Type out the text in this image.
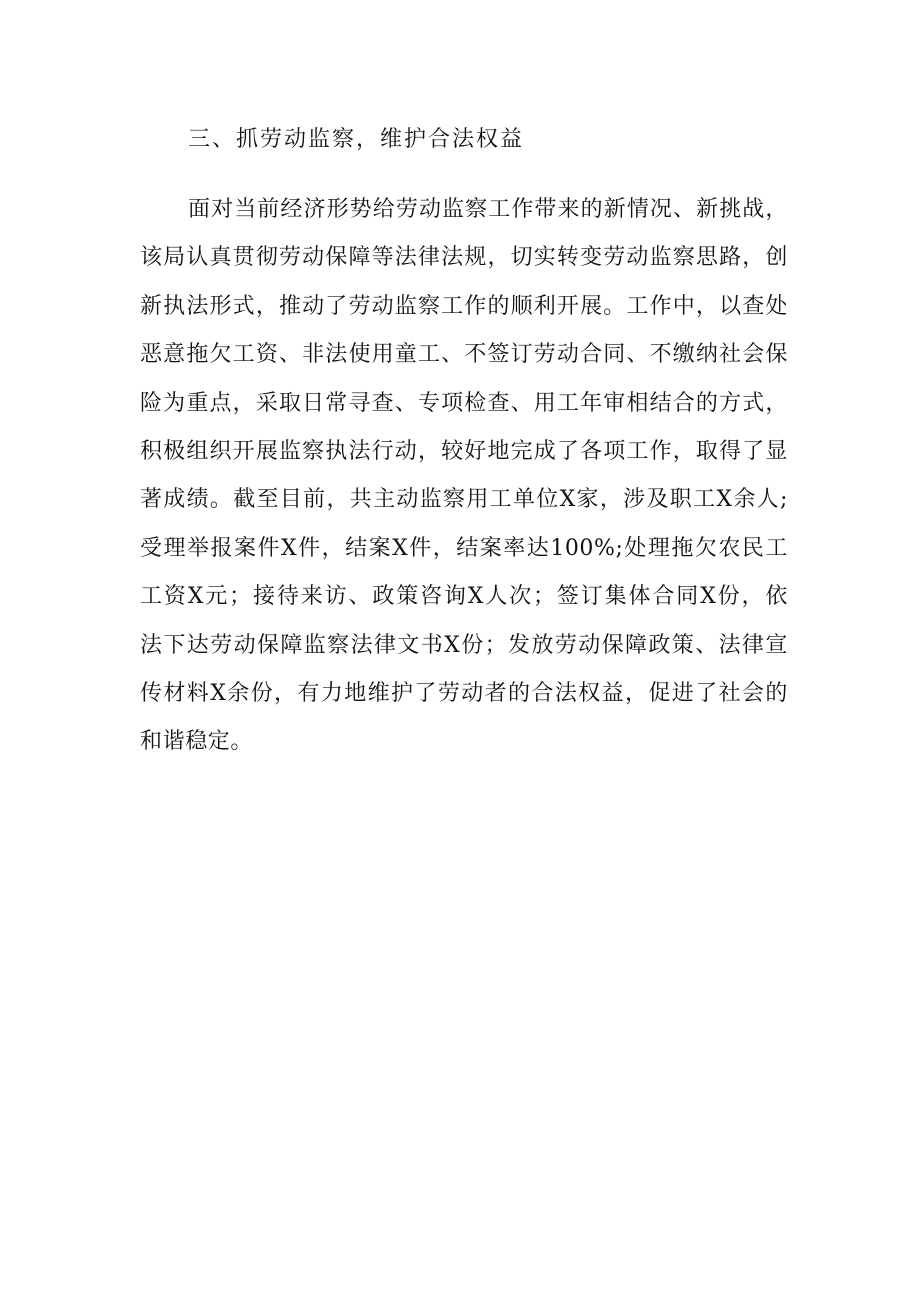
三、抓劳动监察，维护合法权益
面对当前经济形势给劳动监察工作带来的新情况、新挑战，
该局认真贯彻劳动保障等法律法规，切实转变劳动监察思路，创
新执法形式，推动了劳动监察工作的顺利开展。工作中，以查处
恶意拖欠工资、非法使用童工、不签订劳动合同、不缴纳社会保
险为重点，采取日常寻查、专项检查、用工年审相结合的方式，
积极组织开展监察执法行动，较好地完成了各项工作，取得了显
著成绩。截至目前，共主动监察用工单位X家，涉及职工X余人;
受理举报案件X件，结案X件，结案率达100%;处理拖欠农民工
工资X元；接待来访、政策咨询X人次；签订集体合同X份，依
法下达劳动保障监察法律文书X份；发放劳动保障政策、法律宣
传材料X余份，有力地维护了劳动者的合法权益，促进了社会的
和谐稳定。
